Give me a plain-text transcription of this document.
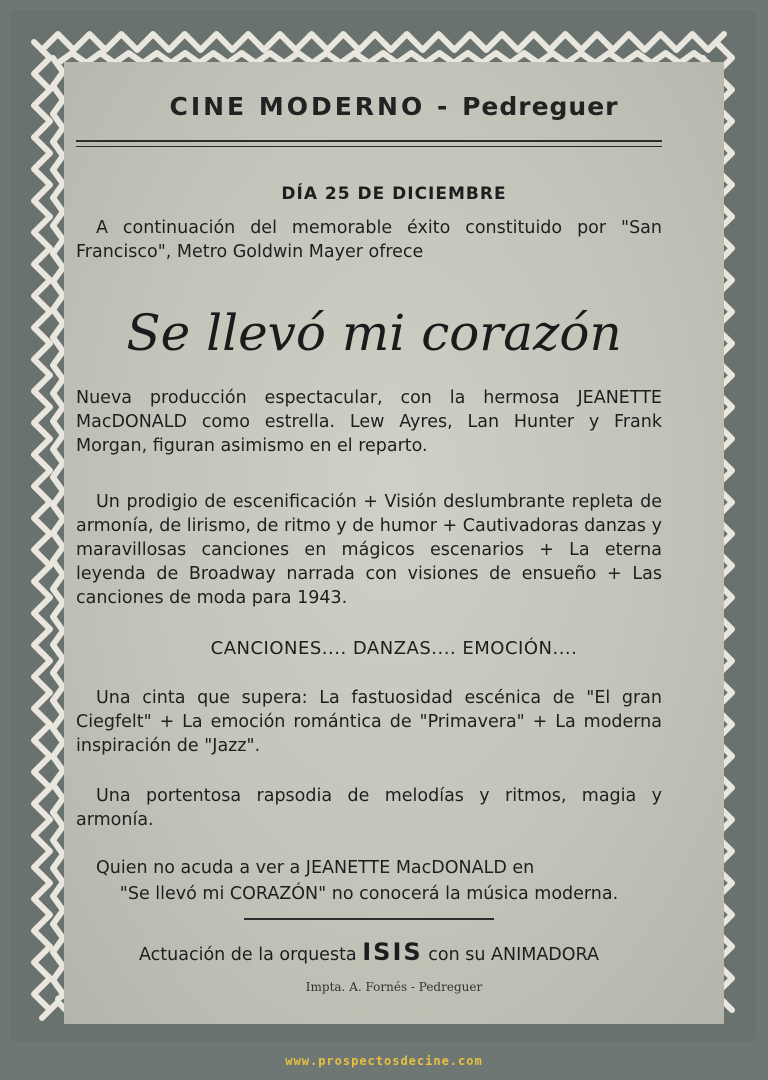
CINE MODERNO - Pedreguer
DÍA 25 DE DICIEMBRE
A continuación del memorable éxito constituido por "San Francisco", Metro Goldwin Mayer ofrece
Se llevó mi corazón
Nueva producción espectacular, con la hermosa JEANETTE MacDONALD como estrella. Lew Ayres, Lan Hunter y Frank Morgan, figuran asimismo en el reparto.
Un prodigio de escenificación + Visión deslumbrante repleta de armonía, de lirismo, de ritmo y de humor + Cautivadoras danzas y maravillosas canciones en mágicos escenarios + La eterna leyenda de Broadway narrada con visiones de ensueño + Las canciones de moda para 1943.
CANCIONES.... DANZAS.... EMOCIÓN....
Una cinta que supera: La fastuosidad escénica de "El gran Ciegfelt" + La emoción romántica de "Primavera" + La moderna inspiración de "Jazz".
Una portentosa rapsodia de melodías y ritmos, magia y armonía.
Quien no acuda a ver a JEANETTE MacDONALD en
"Se llevó mi CORAZÓN" no conocerá la música moderna.
Actuación de la orquesta ISIS con su ANIMADORA
Impta. A. Fornés - Pedreguer
www.prospectosdecine.com
